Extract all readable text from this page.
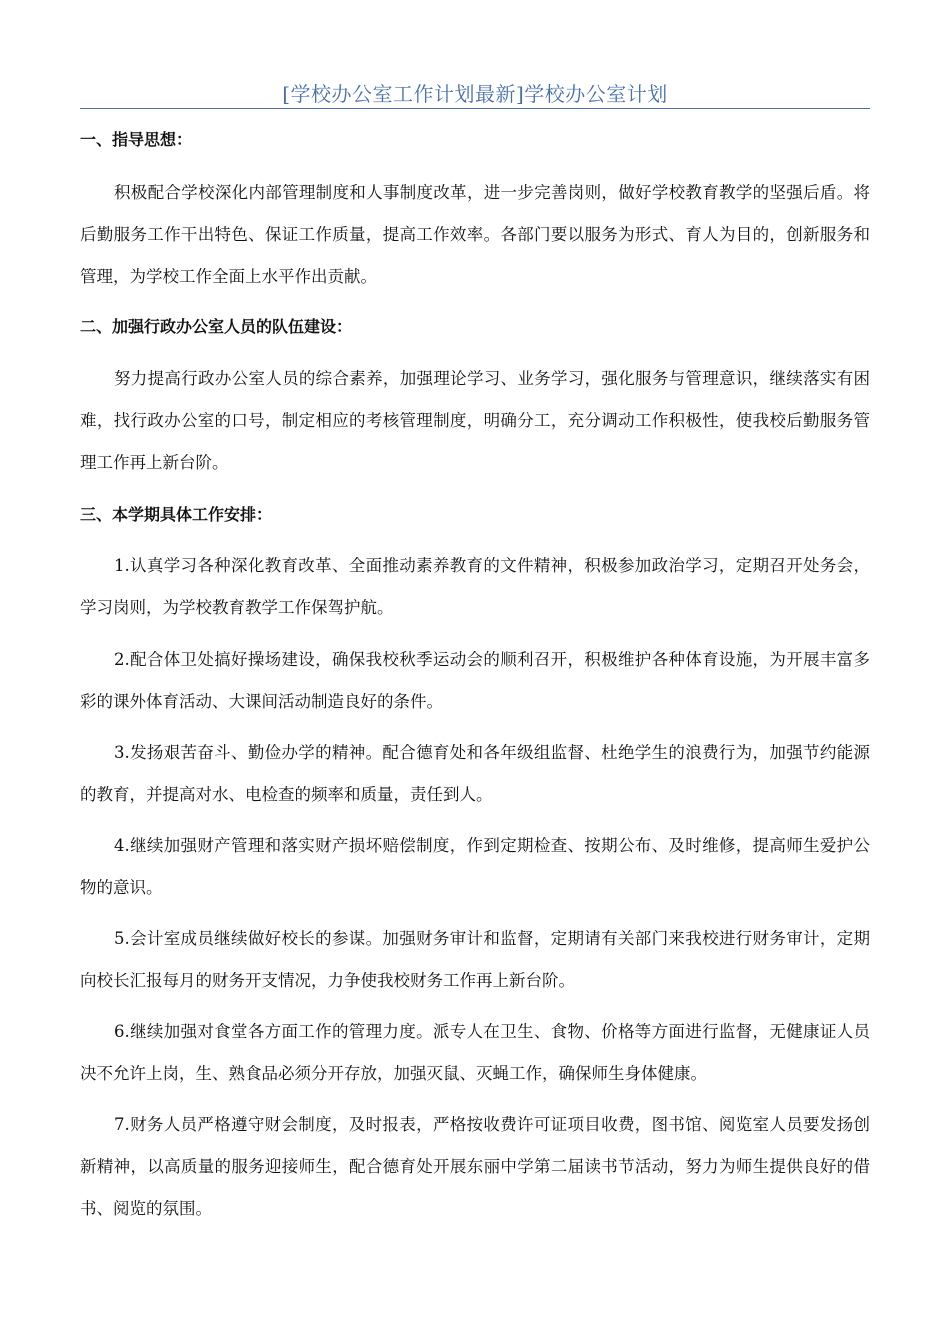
[学校办公室工作计划最新]学校办公室计划
一、指导思想：
积极配合学校深化内部管理制度和人事制度改革，进一步完善岗则，做好学校教育教学的坚强后盾。将后勤服务工作干出特色、保证工作质量，提高工作效率。各部门要以服务为形式、育人为目的，创新服务和管理，为学校工作全面上水平作出贡献。
二、加强行政办公室人员的队伍建设：
努力提高行政办公室人员的综合素养，加强理论学习、业务学习，强化服务与管理意识，继续落实有困难，找行政办公室的口号，制定相应的考核管理制度，明确分工，充分调动工作积极性，使我校后勤服务管理工作再上新台阶。
三、本学期具体工作安排：
1.认真学习各种深化教育改革、全面推动素养教育的文件精神，积极参加政治学习，定期召开处务会，学习岗则，为学校教育教学工作保驾护航。
2.配合体卫处搞好操场建设，确保我校秋季运动会的顺利召开，积极维护各种体育设施，为开展丰富多彩的课外体育活动、大课间活动制造良好的条件。
3.发扬艰苦奋斗、勤俭办学的精神。配合德育处和各年级组监督、杜绝学生的浪费行为，加强节约能源的教育，并提高对水、电检查的频率和质量，责任到人。
4.继续加强财产管理和落实财产损坏赔偿制度，作到定期检查、按期公布、及时维修，提高师生爱护公物的意识。
5.会计室成员继续做好校长的参谋。加强财务审计和监督，定期请有关部门来我校进行财务审计，定期向校长汇报每月的财务开支情况，力争使我校财务工作再上新台阶。
6.继续加强对食堂各方面工作的管理力度。派专人在卫生、食物、价格等方面进行监督，无健康证人员决不允许上岗，生、熟食品必须分开存放，加强灭鼠、灭蝇工作，确保师生身体健康。
7.财务人员严格遵守财会制度，及时报表，严格按收费许可证项目收费，图书馆、阅览室人员要发扬创新精神，以高质量的服务迎接师生，配合德育处开展东丽中学第二届读书节活动，努力为师生提供良好的借书、阅览的氛围。
